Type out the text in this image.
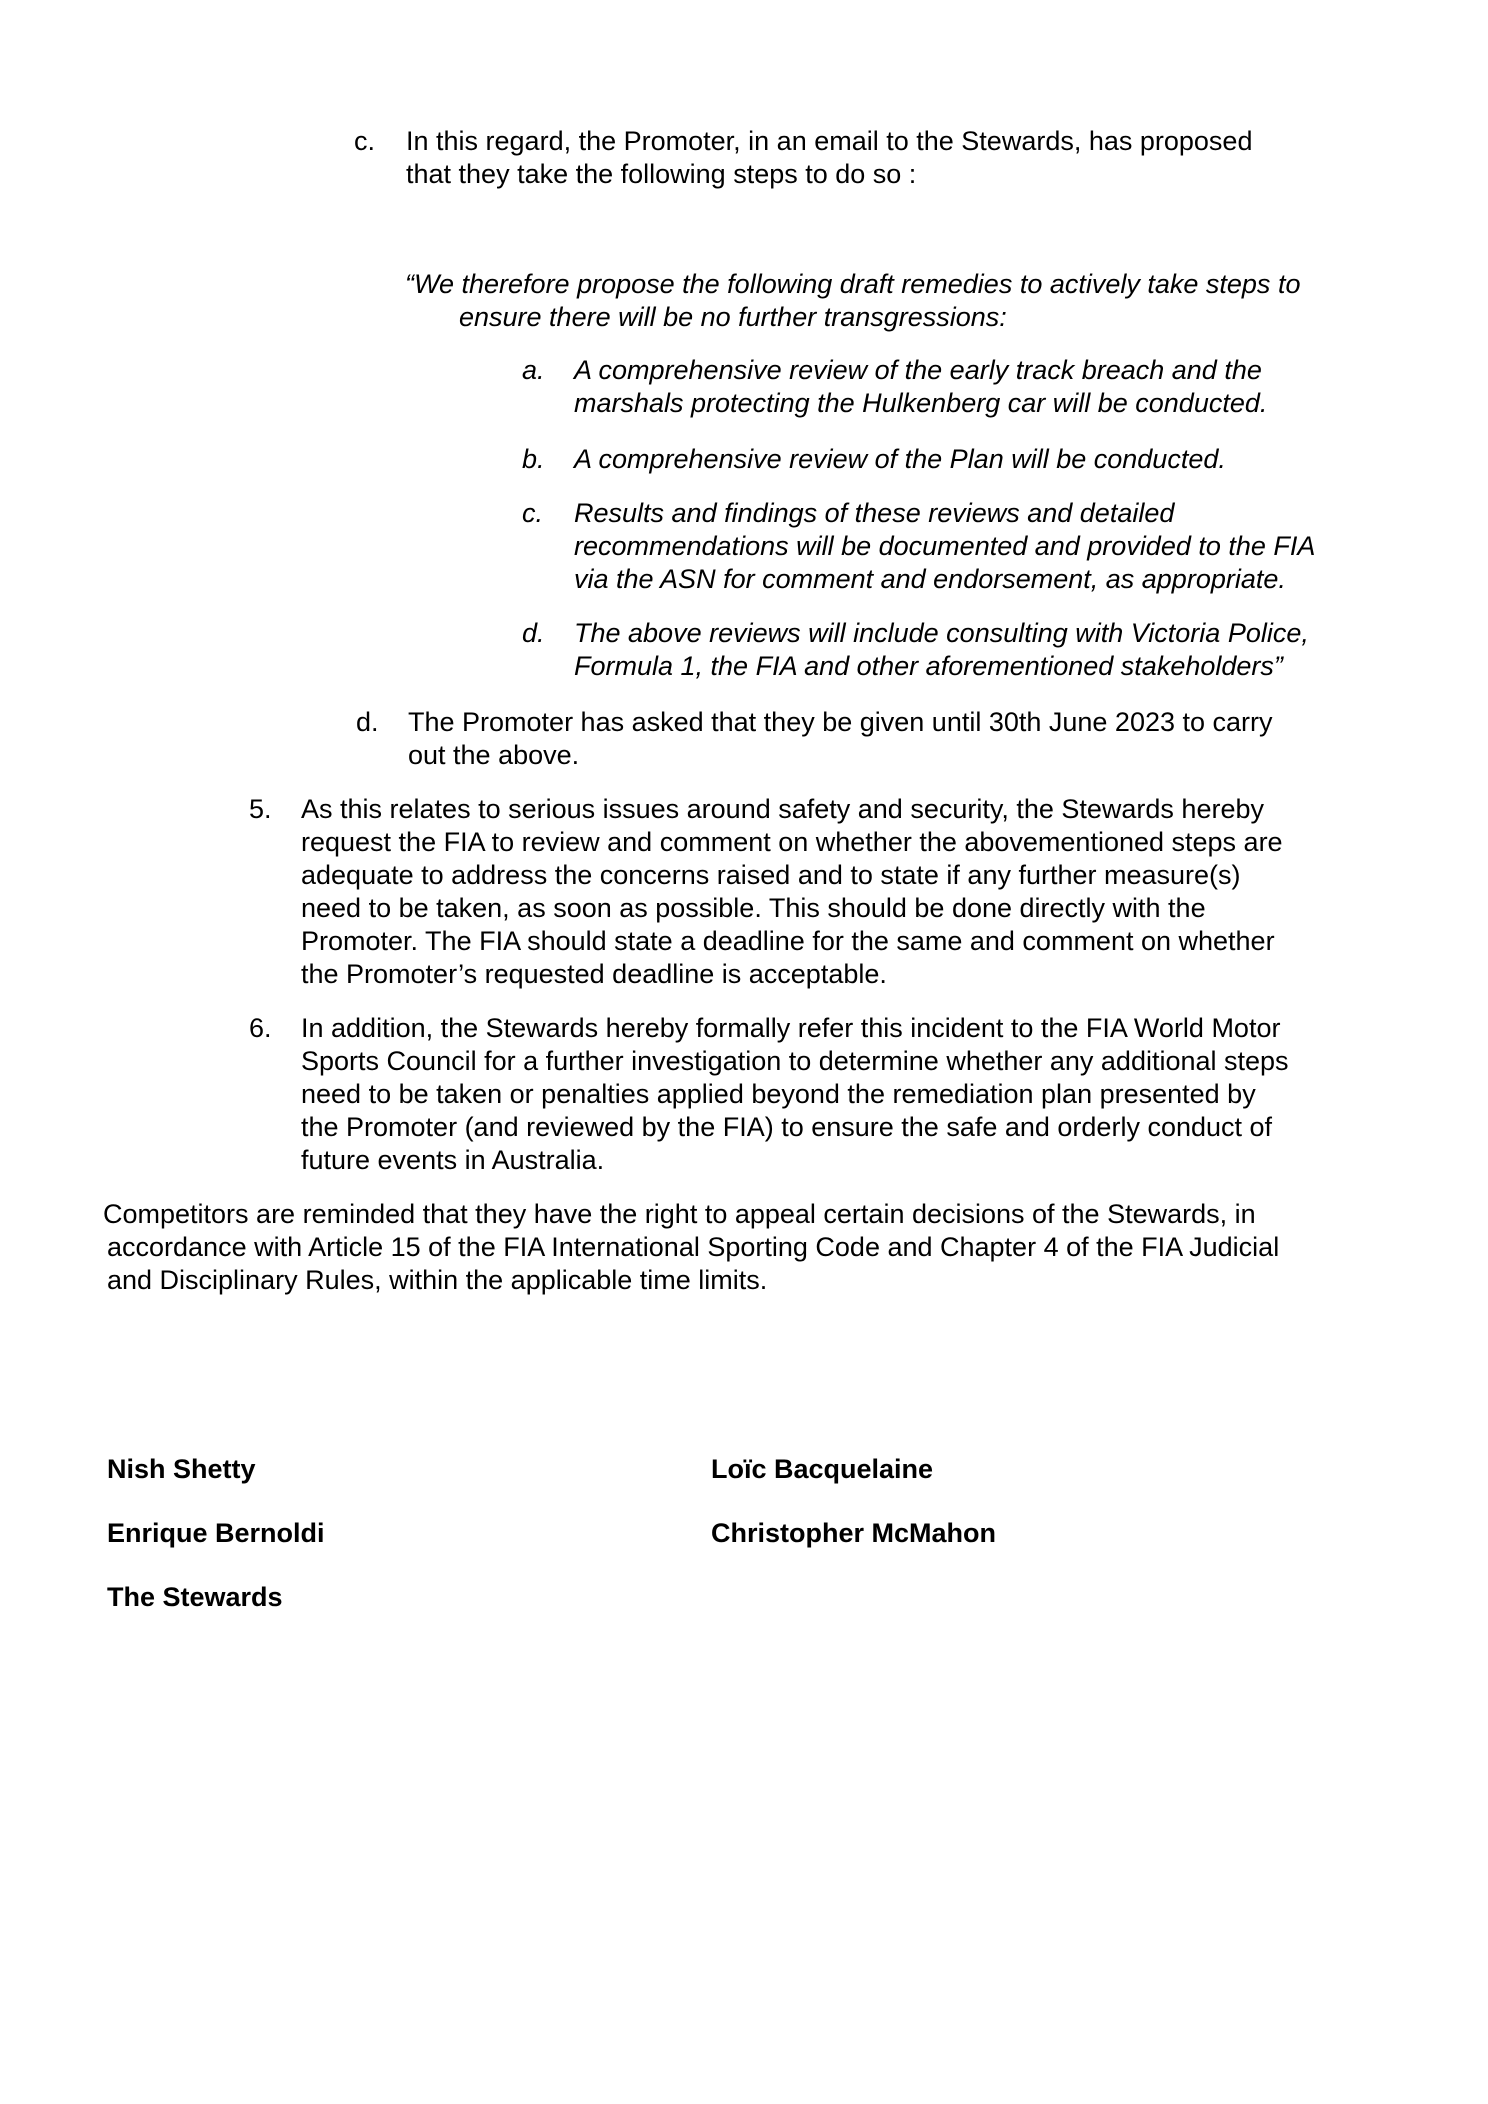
c. In this regard, the Promoter, in an email to the Stewards, has proposed
that they take the following steps to do so :
“We therefore propose the following draft remedies to actively take steps to
ensure there will be no further transgressions:
a. A comprehensive review of the early track breach and the
marshals protecting the Hulkenberg car will be conducted.
b. A comprehensive review of the Plan will be conducted.
c. Results and findings of these reviews and detailed
recommendations will be documented and provided to the FIA
via the ASN for comment and endorsement, as appropriate.
d. The above reviews will include consulting with Victoria Police,
Formula 1, the FIA and other aforementioned stakeholders”
d. The Promoter has asked that they be given until 30th June 2023 to carry
out the above.
5. As this relates to serious issues around safety and security, the Stewards hereby
request the FIA to review and comment on whether the abovementioned steps are
adequate to address the concerns raised and to state if any further measure(s)
need to be taken, as soon as possible. This should be done directly with the
Promoter. The FIA should state a deadline for the same and comment on whether
the Promoter’s requested deadline is acceptable.
6. In addition, the Stewards hereby formally refer this incident to the FIA World Motor
Sports Council for a further investigation to determine whether any additional steps
need to be taken or penalties applied beyond the remediation plan presented by
the Promoter (and reviewed by the FIA) to ensure the safe and orderly conduct of
future events in Australia.
Competitors are reminded that they have the right to appeal certain decisions of the Stewards, in
accordance with Article 15 of the FIA International Sporting Code and Chapter 4 of the FIA Judicial
and Disciplinary Rules, within the applicable time limits.
Nish Shetty	Loïc Bacquelaine
Enrique Bernoldi	Christopher McMahon
The Stewards
